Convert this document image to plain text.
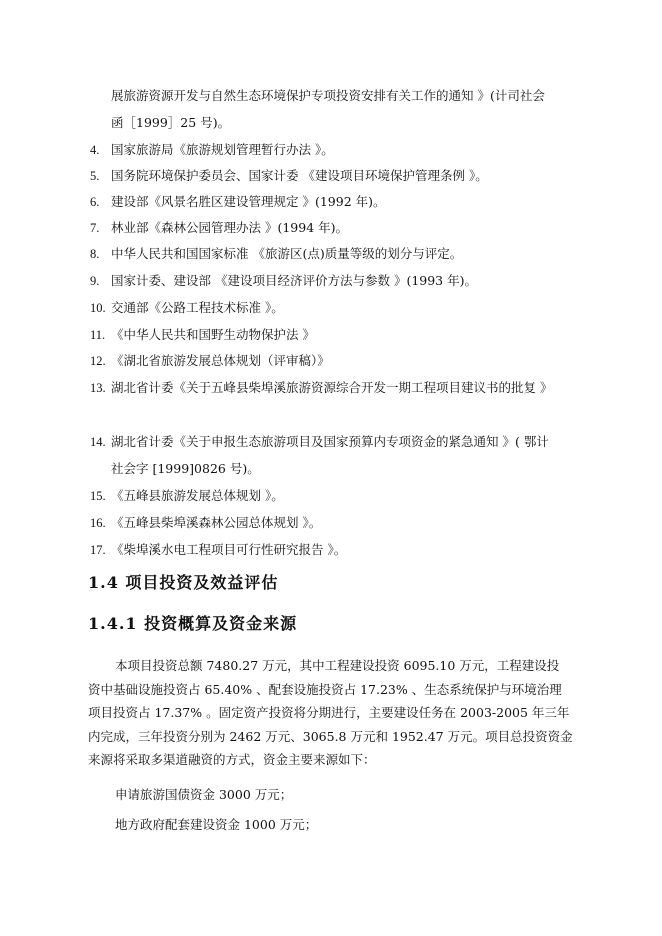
展旅游资源开发与自然生态环境保护专项投资安排有关工作的通知 》(计司社会
函［1999］25 号)。
4. 国家旅游局《旅游规划管理暂行办法 》。
5. 国务院环境保护委员会、国家计委 《建设项目环境保护管理条例 》。
6. 建设部《风景名胜区建设管理规定 》(1992 年)。
7. 林业部《森林公园管理办法 》(1994 年)。
8. 中华人民共和国国家标准 《旅游区(点)质量等级的划分与评定。
9. 国家计委、建设部 《建设项目经济评价方法与参数 》(1993 年)。
10. 交通部《公路工程技术标准 》。
11. 《中华人民共和国野生动物保护法 》
12. 《湖北省旅游发展总体规划（评审稿）》
13. 湖北省计委《关于五峰县柴埠溪旅游资源综合开发一期工程项目建议书的批复 》
14. 湖北省计委《关于申报生态旅游项目及国家预算内专项资金的紧急通知 》( 鄂计
社会字 [1999]0826 号)。
15. 《五峰县旅游发展总体规划 》。
16. 《五峰县柴埠溪森林公园总体规划 》。
17. 《柴埠溪水电工程项目可行性研究报告 》。
1.4 项目投资及效益评估
1.4.1 投资概算及资金来源
本项目投资总额 7480.27 万元，其中工程建设投资 6095.10 万元，工程建设投
资中基础设施投资占 65.40% 、配套设施投资占 17.23% 、生态系统保护与环境治理
项目投资占 17.37% 。固定资产投资将分期进行，主要建设任务在 2003-2005 年三年
内完成，三年投资分别为 2462 万元、3065.8 万元和 1952.47 万元。项目总投资资金
来源将采取多渠道融资的方式，资金主要来源如下：
申请旅游国债资金 3000 万元；
地方政府配套建设资金 1000 万元；
